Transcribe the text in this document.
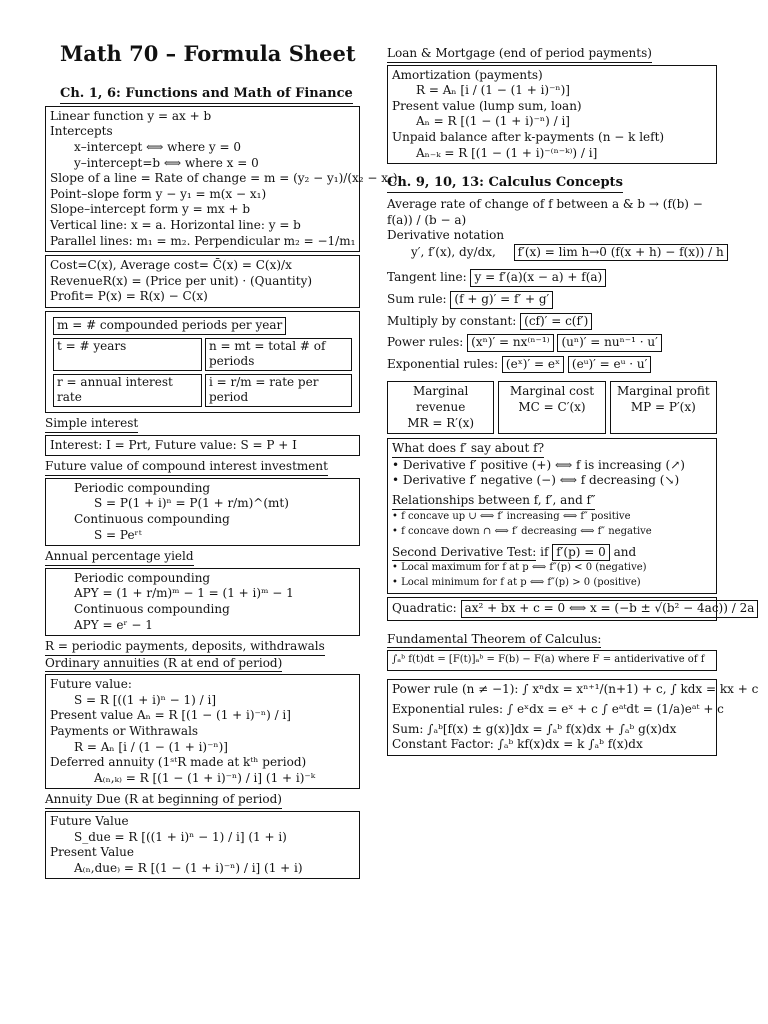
Math 70 – Formula Sheet
Ch. 1, 6: Functions and Math of Finance
Linear function y = ax + b
Intercepts
x–intercept ⟺ where y = 0
y–intercept=b ⟺ where x = 0
Slope of a line = Rate of change = m = (y₂ − y₁)/(x₂ − x₁)
Point–slope form y − y₁ = m(x − x₁)
Slope–intercept form y = mx + b
Vertical line: x = a. Horizontal line: y = b
Parallel lines: m₁ = m₂. Perpendicular m₂ = −1/m₁
Cost=C(x), Average cost= C̄(x) = C(x)/x
RevenueR(x) = (Price per unit) · (Quantity)
Profit= P(x) = R(x) − C(x)
m = # compounded periods per year
t = # years	n = mt = total # of periods
r = annual interest rate
i = r/m = rate per period
Simple interest
Interest: I = Prt, Future value: S = P + I
Future value of compound interest investment
Periodic compounding
S = P(1 + i)ⁿ = P(1 + r/m)^(mt)
Continuous compounding
S = Peʳᵗ
Annual percentage yield
Periodic compounding
APY = (1 + r/m)ᵐ − 1 = (1 + i)ᵐ − 1
Continuous compounding
APY = eʳ − 1
R = periodic payments, deposits, withdrawals
Ordinary annuities (R at end of period)
Future value:
S = R [((1 + i)ⁿ − 1) / i]
Present value Aₙ = R [(1 − (1 + i)⁻ⁿ) / i]
Payments or Withrawals
R = Aₙ [i / (1 − (1 + i)⁻ⁿ)]
Deferred annuity (1ˢᵗR made at kᵗʰ period)
A₍ₙ,ₖ₎ = R [(1 − (1 + i)⁻ⁿ) / i] (1 + i)⁻ᵏ
Annuity Due (R at beginning of period)
Future Value
S_due = R [((1 + i)ⁿ − 1) / i] (1 + i)
Present Value
A₍ₙ,due₎ = R [(1 − (1 + i)⁻ⁿ) / i] (1 + i)
Loan & Mortgage (end of period payments)
Amortization (payments)
R = Aₙ [i / (1 − (1 + i)⁻ⁿ)]
Present value (lump sum, loan)
Aₙ = R [(1 − (1 + i)⁻ⁿ) / i]
Unpaid balance after k-payments (n − k left)
Aₙ₋ₖ = R [(1 − (1 + i)⁻⁽ⁿ⁻ᵏ⁾) / i]
Ch. 9, 10, 13: Calculus Concepts
Average rate of change of f between a & b → (f(b) − f(a)) / (b − a)
Derivative notation
y′, f′(x), dy/dx, f′(x) = lim h→0 (f(x + h) − f(x)) / h
Tangent line: y = f′(a)(x − a) + f(a)
Sum rule: (f + g)′ = f′ + g′
Multiply by constant: (cf)′ = c(f′)
Power rules: (xⁿ)′ = nx⁽ⁿ⁻¹⁾ (uⁿ)′ = nuⁿ⁻¹ · u′
Exponential rules: (eˣ)′ = eˣ (eᵘ)′ = eᵘ · u′
Marginal revenue
MR = R′(x)
Marginal cost
MC = C′(x)
Marginal profit
MP = P′(x)
What does f′ say about f?
• Derivative f′ positive (+) ⟺ f is increasing (↗)
• Derivative f′ negative (−) ⟺ f decreasing (↘)
Relationships between f, f′, and f″
• f concave up ∪ ⟺ f′ increasing ⟺ f″ positive
• f concave down ∩ ⟺ f′ decreasing ⟺ f″ negative
Second Derivative Test: if f′(p) = 0 and
• Local maximum for f at p ⟺ f″(p) < 0 (negative)
• Local minimum for f at p ⟺ f″(p) > 0 (positive)
Quadratic: ax² + bx + c = 0 ⟺ x = (−b ± √(b² − 4ac)) / 2a
Fundamental Theorem of Calculus:
∫ₐᵇ f(t)dt = [F(t)]ₐᵇ = F(b) − F(a) where F = antiderivative of f
Power rule (n ≠ −1): ∫ xⁿdx = xⁿ⁺¹/(n+1) + c, ∫ kdx = kx + c
Exponential rules: ∫ eˣdx = eˣ + c ∫ eᵃᵗdt = (1/a)eᵃᵗ + c
Sum: ∫ₐᵇ[f(x) ± g(x)]dx = ∫ₐᵇ f(x)dx + ∫ₐᵇ g(x)dx
Constant Factor: ∫ₐᵇ kf(x)dx = k ∫ₐᵇ f(x)dx
